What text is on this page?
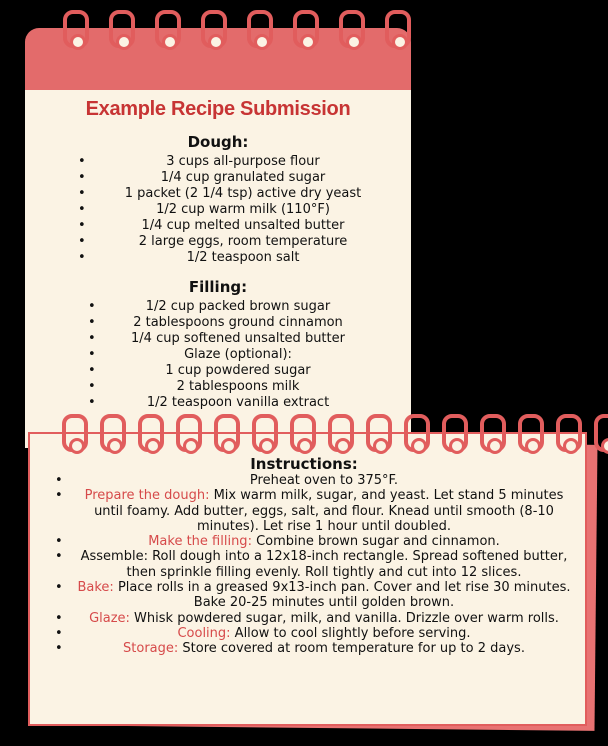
Example Recipe Submission
Dough:
• 3 cups all-purpose flour
• 1/4 cup granulated sugar
• 1 packet (2 1/4 tsp) active dry yeast
• 1/2 cup warm milk (110°F)
• 1/4 cup melted unsalted butter
• 2 large eggs, room temperature
• 1/2 teaspoon salt
Filling:
• 1/2 cup packed brown sugar
• 2 tablespoons ground cinnamon
• 1/4 cup softened unsalted butter
• Glaze (optional):
• 1 cup powdered sugar
• 2 tablespoons milk
• 1/2 teaspoon vanilla extract
Instructions:
• Preheat oven to 375°F.
• Prepare the dough: Mix warm milk, sugar, and yeast. Let stand 5 minutes until foamy. Add butter, eggs, salt, and flour. Knead until smooth (8-10 minutes). Let rise 1 hour until doubled.
• Make the filling: Combine brown sugar and cinnamon.
• Assemble: Roll dough into a 12x18-inch rectangle. Spread softened butter, then sprinkle filling evenly. Roll tightly and cut into 12 slices.
• Bake: Place rolls in a greased 9x13-inch pan. Cover and let rise 30 minutes. Bake 20-25 minutes until golden brown.
• Glaze: Whisk powdered sugar, milk, and vanilla. Drizzle over warm rolls.
• Cooling: Allow to cool slightly before serving.
• Storage: Store covered at room temperature for up to 2 days.
